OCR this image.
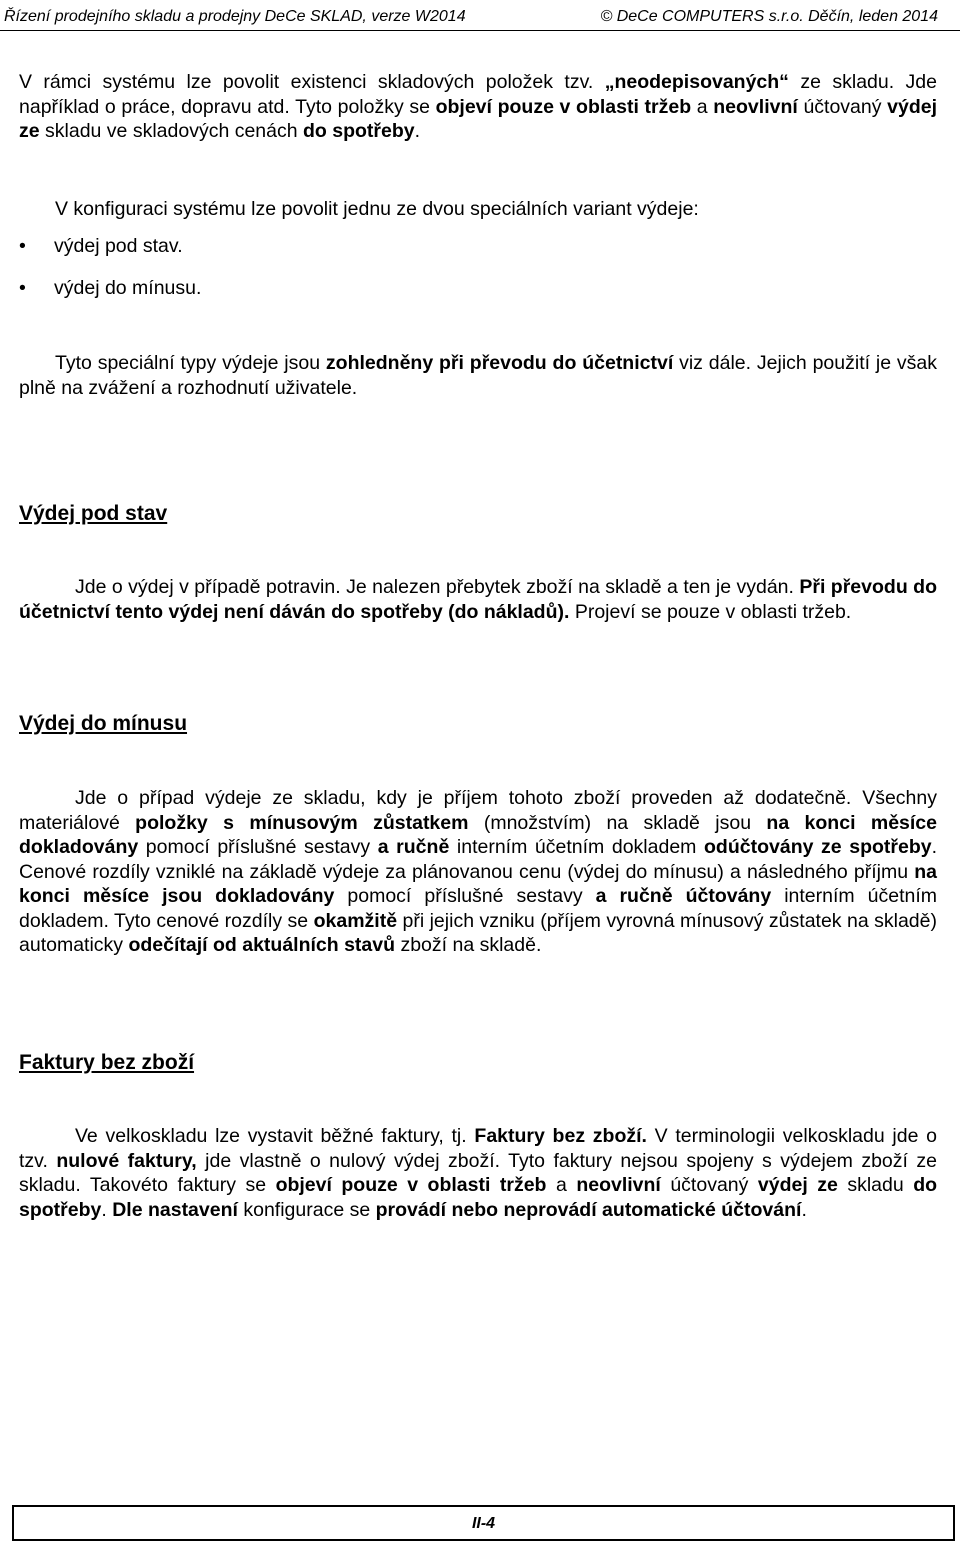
Řízení prodejního skladu a prodejny DeCe SKLAD, verze W2014	© DeCe COMPUTERS s.r.o. Děčín, leden 2014

V rámci systému lze povolit existenci skladových položek tzv. „neodepisovaných“ ze skladu. Jde například o práce, dopravu atd. Tyto položky se objeví pouze v oblasti tržeb a neovlivní účtovaný výdej ze skladu ve skladových cenách do spotřeby.

V konfiguraci systému lze povolit jednu ze dvou speciálních variant výdeje:

• výdej pod stav.
• výdej do mínusu.

Tyto speciální typy výdeje jsou zohledněny při převodu do účetnictví viz dále. Jejich použití je však plně na zvážení a rozhodnutí uživatele.

Výdej pod stav

Jde o výdej v případě potravin. Je nalezen přebytek zboží na skladě a ten je vydán. Při převodu do účetnictví tento výdej není dáván do spotřeby (do nákladů). Projeví se pouze v oblasti tržeb.

Výdej do mínusu

Jde o případ výdeje ze skladu, kdy je příjem tohoto zboží proveden až dodatečně. Všechny materiálové položky s mínusovým zůstatkem (množstvím) na skladě jsou na konci měsíce dokladovány pomocí příslušné sestavy a ručně interním účetním dokladem odúčtovány ze spotřeby. Cenové rozdíly vzniklé na základě výdeje za plánovanou cenu (výdej do mínusu) a následného příjmu na konci měsíce jsou dokladovány pomocí příslušné sestavy a ručně účtovány interním účetním dokladem. Tyto cenové rozdíly se okamžitě při jejich vzniku (příjem vyrovná mínusový zůstatek na skladě) automaticky odečítají od aktuálních stavů zboží na skladě.

Faktury bez zboží

Ve velkoskladu lze vystavit běžné faktury, tj. Faktury bez zboží. V terminologii velkoskladu jde o tzv. nulové faktury, jde vlastně o nulový výdej zboží. Tyto faktury nejsou spojeny s výdejem zboží ze skladu. Takovéto faktury se objeví pouze v oblasti tržeb a neovlivní účtovaný výdej ze skladu do spotřeby. Dle nastavení konfigurace se provádí nebo neprovádí automatické účtování.

II-4
